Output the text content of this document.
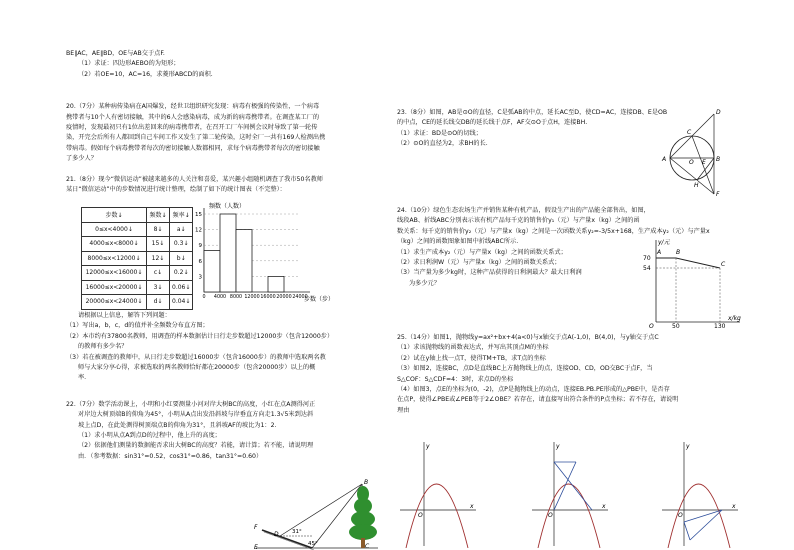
BE∥AC，AE∥BD，OE与AB交于点F.

（1）求证：四边形AEBO的为矩形；

（2）若OE=10，AC=16，求菱形ABCD的面积.

20.（7分）某种病传染病在A国爆发，经世卫组织研究发现：病毒有极强的传染性，一个病毒

携带者与10个人有密切接触，其中的6人会感染病毒，成为新的病毒携带者。在调查某工厂的

疫情时，发现最初只有1位出差回来的病毒携带者，在召开工厂车间例会议时导致了第一轮传

染，开完会后所有人都回到自己车间工作又发生了第二轮传染，这时全厂一共有169人检测出携

带病毒。假如每个病毒携带者每次的密切接触人数都相同，求每个病毒携带者每次的密切接触

了多少人？

21.（8分）现今“微信运动”被越来越多的人关注和喜爱，某兴趣小组随机调查了我市50名教师

某日“微信运动”中的步数情况进行统计整理，绘制了如下的统计图表（不完整）：

步数↓	频数↓	频率↓
0≤x<4000↓	8↓	a↓
4000≤x<8000↓	15↓	0.3↓
8000≤x<12000↓	12↓	b↓
12000≤x<16000↓	c↓	0.2↓
16000≤x<20000↓	3↓	0.06↓
20000≤x<24000↓	d↓	0.04↓
频数（人数）
步数（步）
15
12
9
6
3
0 4000 8000 12000 16000 20000 24000

请根据以上信息，解答下列问题：

（1）写出a，b，c，d的值并补全频数分布直方图；

（2）本市约有37800名教师，用调查的样本数据估计日行走步数超过12000步（包含12000步）

的教师有多少名？

（3）若在被调查的教师中，从日行走步数超过16000步（包含16000步）的教师中选取两名教

师与大家分享心得，求被选取的两名教师恰好都在20000步（包含20000步）以上的概

率.

22.（7分）数学活动课上，小明和小红要测量小河对岸大树BC的高度，小红在点A测得河正

对岸边大树顶端B的仰角为45°，小明从A点出发沿斜坡与岸垂直方向走1.3√5米到达斜

坡上点D，在此处测得树顶端点B的仰角为31°，且斜坡AF的坡比为1：2.

（1）求小明从点A到点D的过程中，他上升的高度；

（2）依据他们测量的数据能否求出大树BC的高度？若能，请计算；若不能，请说明理

由．（参考数据：sin31°=0.52，cos31°=0.86，tan31°=0.60）

F
D
E
31°
45°
B
C

23.（8分）如图，AB是⊙O的直径，C是弧AB的中点，延长AC至D，使CD=AC，连接DB、E是OB

的中点，CE的延长线交DB的延长线于点F，AF交⊙O于点H，连接BH.

（1）求证：BD是⊙O的切线；

（2）⊙O的直径为2，求BH的长.

D
C
A	O E B
H
F

24.（10分）绿色生态农场生产并销售某种有机产品，假设生产出的产品能全部售出，如图，

线段AB、折线ABC分别表示该有机产品每千克的销售价y₁（元）与产量x（kg）之间的函

数关系：每千克的销售价y₂（元）与产量x（kg）之间是一次函数关系y₂=-3/5x+168，生产成本y₂（元）与产量x

（kg）之间的函数图象如图中折线ABC所示.

（1）求生产成本y₂（元）与产量x（kg）之间的函数关系式；

（2）求日利润W（元）与产量x（kg）之间的函数关系式；

（3）当产量为多少kg时，这种产品获得的日利润最大？最大日利润

为多少元？

y/元
x/kg
A B
C
70
54
O	50	130

25.（14分）如图1，抛物线y=ax²+bx+4(a<0)与x轴交于点A(-1,0)，B(4,0)，与y轴交于点C

（1）求该抛物线的函数表达式，并写出其顶点M的坐标

（2）试在y轴上找一点T，使得TM+TB，求T点的坐标

（3）如图2，连接BC，点D是直线BC上方抛物线上的点，连接OD、CD，OD交BC于点F，当

S△COF：S△CDF=4：3时，求点D的坐标

（4）如图3，点E的坐标为(0，-2)，点P是抛物线上的动点，连接EB.PB.PE形成的△PBE中，是否存

在点P，使得∠PBE或∠PEB等于2∠OBE？若存在，请直接写出符合条件的P点坐标；若不存在，请说明

理由

y
x
O
y
x
O
y
x
O
